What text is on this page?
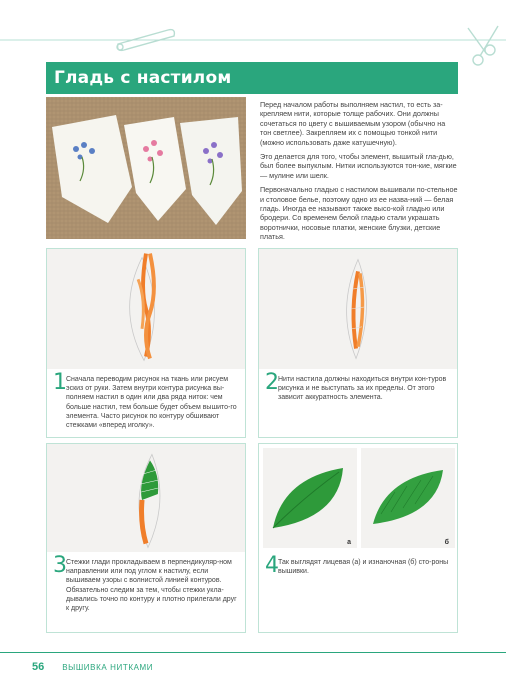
Гладь с настилом

Перед началом работы выполняем настил, то есть за-крепляем нити, которые толще рабочих. Они должны сочетаться по цвету с вышиваемым узором (обычно на тон светлее). Закрепляем их с помощью тонкой нити (можно использовать даже катушечную).

Это делается для того, чтобы элемент, вышитый гла-дью, был более выпуклым. Нитки используются тон-кие, мягкие — мулине или шелк.

Первоначально гладью с настилом вышивали по-стельное и столовое белье, поэтому одно из ее назва-ний — белая гладь. Иногда ее называют также высо-кой гладью или бродери. Со временем белой гладью стали украшать воротнички, носовые платки, женские блузки, детские платья.

1 Сначала переводим рисунок на ткань или рисуем эскиз от руки. Затем внутри контура рисунка вы-полняем настил в один или два ряда ниток: чем больше настил, тем больше будет объем вышито-го элемента. Часто рисунок по контуру обшивают стежками «вперед иголку».
2 Нити настила должны находиться внутри кон-туров рисунка и не выступать за их пределы. От этого зависит аккуратность элемента.
3 Стежки глади прокладываем в перпендикуляр-ном направлении или под углом к настилу, если вышиваем узоры с волнистой линией контуров. Обязательно следим за тем, чтобы стежки укла-дывались точно по контуру и плотно прилегали друг к другу.
а	б
4 Так выглядят лицевая (а) и изнаночная (б) сто-роны вышивки.
56 ВЫШИВКА НИТКАМИ
